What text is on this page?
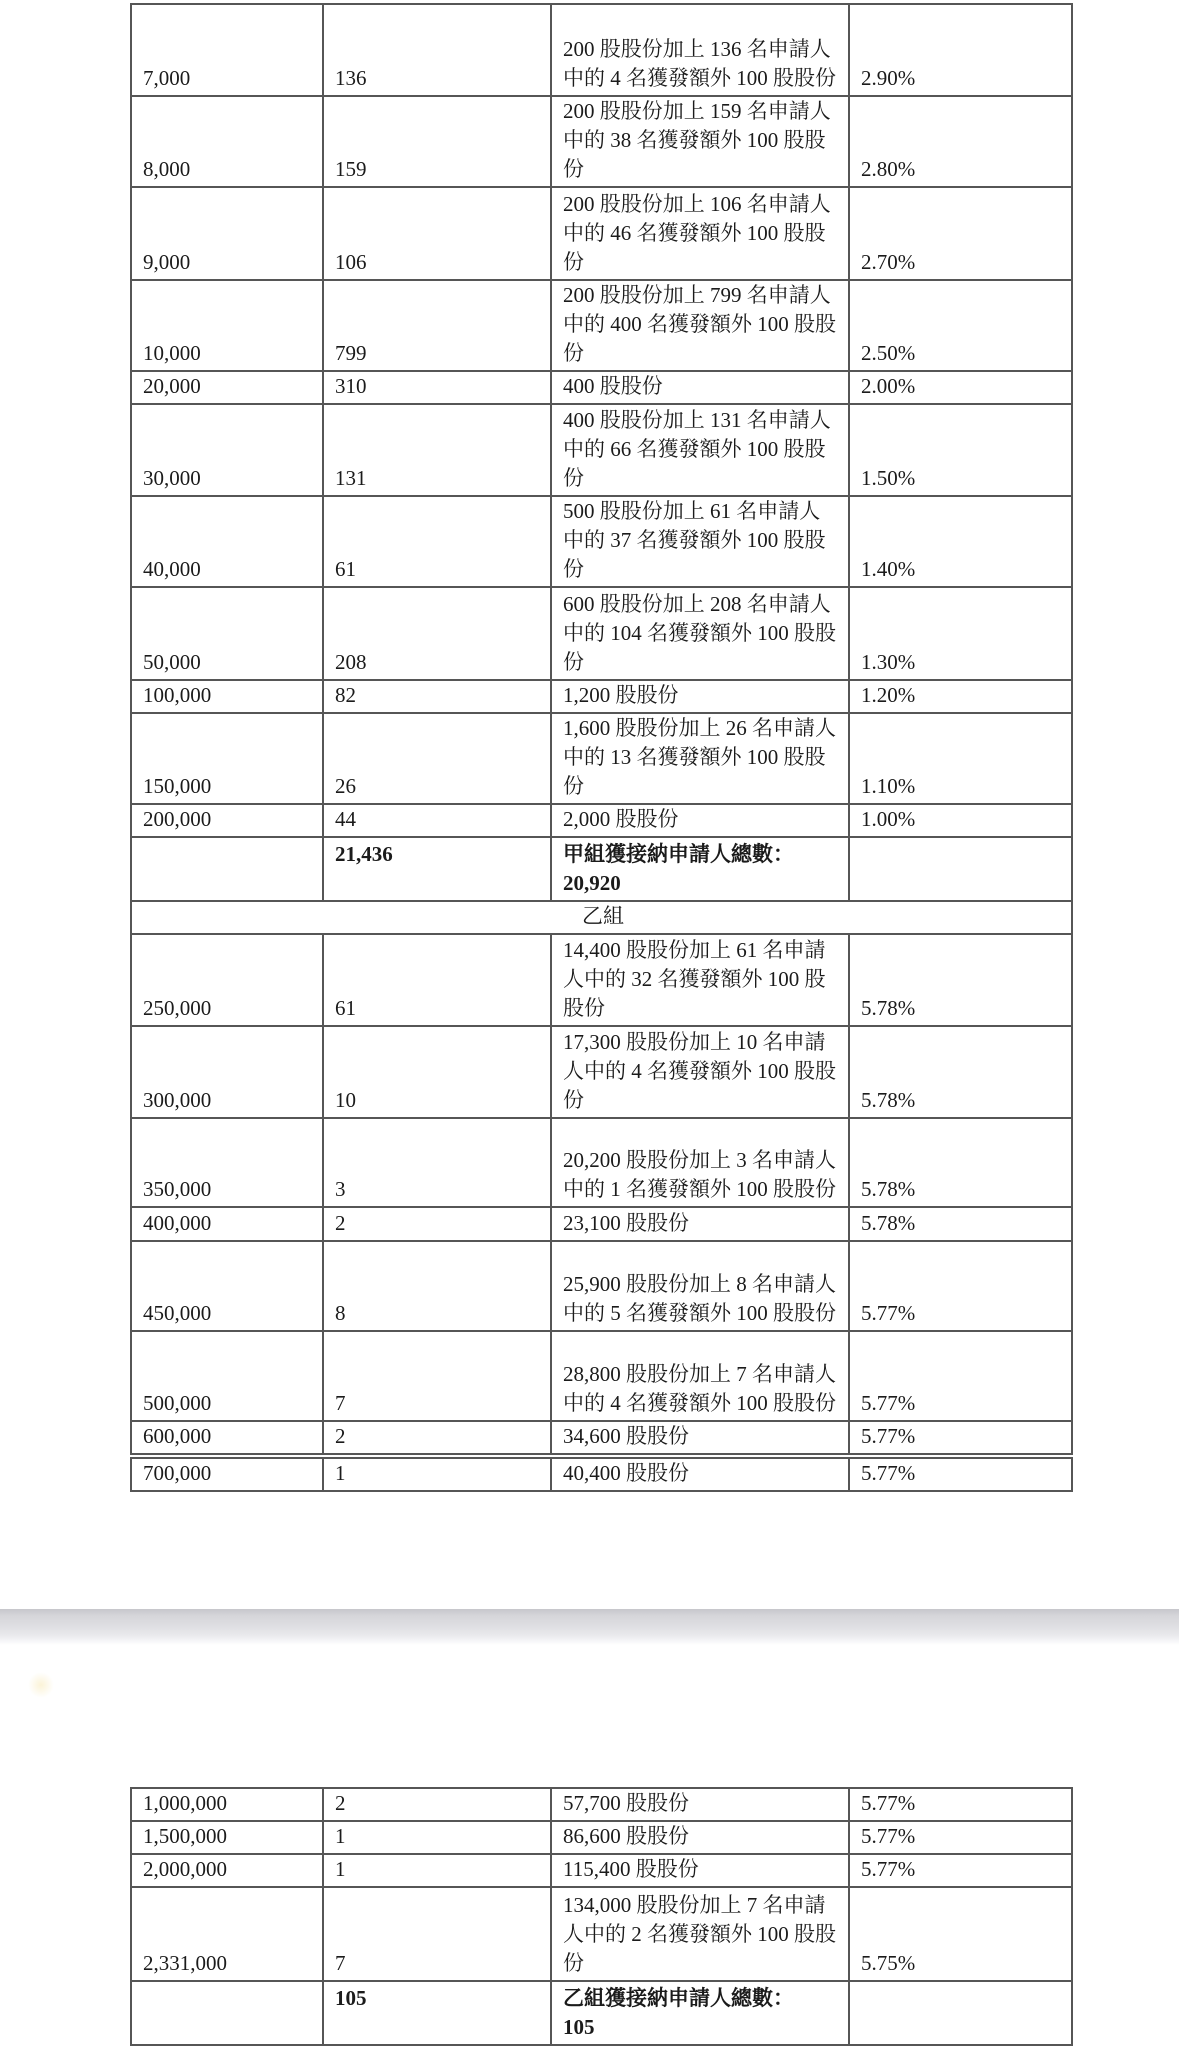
7,000	136	200 股股份加上 136 名申請人中的 4 名獲發額外 100 股股份	2.90%
8,000	159	200 股股份加上 159 名申請人中的 38 名獲發額外 100 股股份	2.80%
9,000	106	200 股股份加上 106 名申請人中的 46 名獲發額外 100 股股份	2.70%
10,000	799	200 股股份加上 799 名申請人中的 400 名獲發額外 100 股股份	2.50%
20,000	310	400 股股份	2.00%
30,000	131	400 股股份加上 131 名申請人中的 66 名獲發額外 100 股股份	1.50%
40,000	61	500 股股份加上 61 名申請人中的 37 名獲發額外 100 股股份	1.40%
50,000	208	600 股股份加上 208 名申請人中的 104 名獲發額外 100 股股份	1.30%
100,000	82	1,200 股股份	1.20%
150,000	26	1,600 股股份加上 26 名申請人中的 13 名獲發額外 100 股股份	1.10%
200,000	44	2,000 股股份	1.00%
	21,436	甲組獲接納申請人總數：
20,920	

乙組			
250,000	61	14,400 股股份加上 61 名申請人中的 32 名獲發額外 100 股股份	5.78%
300,000	10	17,300 股股份加上 10 名申請人中的 4 名獲發額外 100 股股份	5.78%
350,000	3	20,200 股股份加上 3 名申請人中的 1 名獲發額外 100 股股份	5.78%
400,000	2	23,100 股股份	5.78%
450,000	8	25,900 股股份加上 8 名申請人中的 5 名獲發額外 100 股股份	5.77%
500,000	7	28,800 股股份加上 7 名申請人中的 4 名獲發額外 100 股股份	5.77%
600,000	2	34,600 股股份	5.77%
700,000	1	40,400 股股份	5.77%
1,000,000	2	57,700 股股份	5.77%
1,500,000	1	86,600 股股份	5.77%
2,000,000	1	115,400 股股份	5.77%
2,331,000	7	134,000 股股份加上 7 名申請人中的 2 名獲發額外 100 股股份	5.75%
	105	乙組獲接納申請人總數：
105	
